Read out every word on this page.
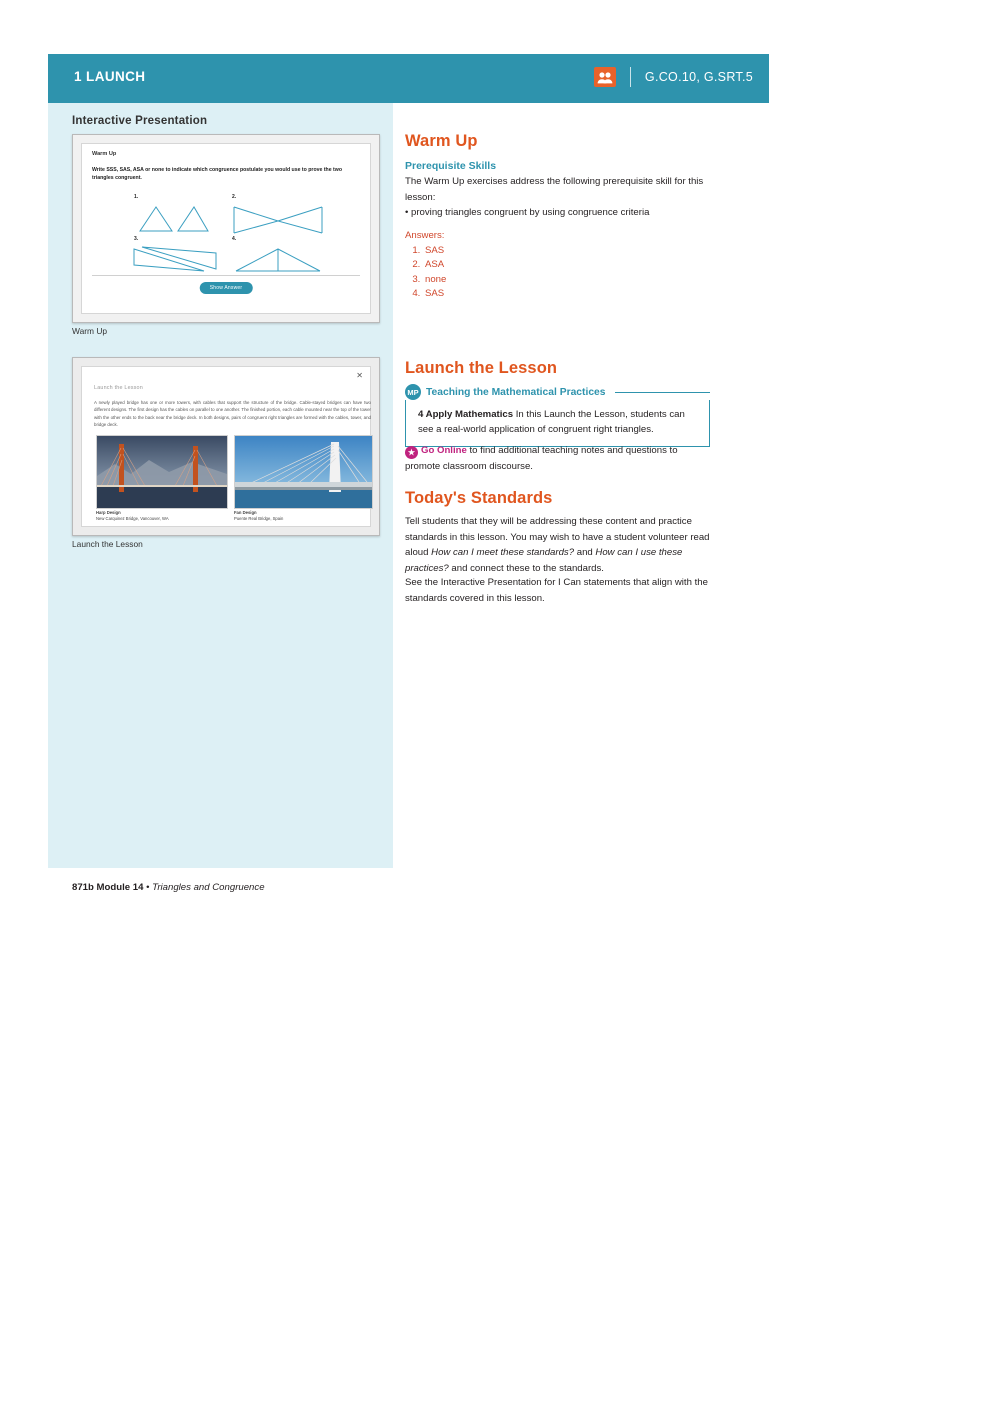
1 LAUNCH	G.CO.10, G.SRT.5
Interactive Presentation
Warm Up
Write SSS, SAS, ASA or none to indicate which congruence postulate you would use to prove the two triangles congruent.
1.	2.
3.	4.
Show Answer
Warm Up
✕
Launch the Lesson
A newly played bridge has one or more towers, with cables that support the structure of the bridge. Cable-stayed bridges can have two different designs. The first design has the cables on parallel to one another. The finished portion, each cable mounted near the top of the tower with the other ends to the back near the bridge deck. In both designs, pairs of congruent right triangles are formed with the cables, tower, and bridge deck.
Harp Design
New Carquinez Bridge, Vancouver, WA
Fan Design
Puente Real Bridge, Spain
Launch the Lesson
Warm Up
Prerequisite Skills
The Warm Up exercises address the following prerequisite skill for this lesson:
• proving triangles congruent by using congruence criteria
Answers:
1. SAS
2. ASA
3. none
4. SAS
Launch the Lesson
MP Teaching the Mathematical Practices
4 Apply Mathematics In this Launch the Lesson, students can see a real-world application of congruent right triangles.
★ Go Online to find additional teaching notes and questions to promote classroom discourse.
Today's Standards
Tell students that they will be addressing these content and practice standards in this lesson. You may wish to have a student volunteer read aloud How can I meet these standards? and How can I use these practices? and connect these to the standards.
See the Interactive Presentation for I Can statements that align with the standards covered in this lesson.
871b Module 14 • Triangles and Congruence
